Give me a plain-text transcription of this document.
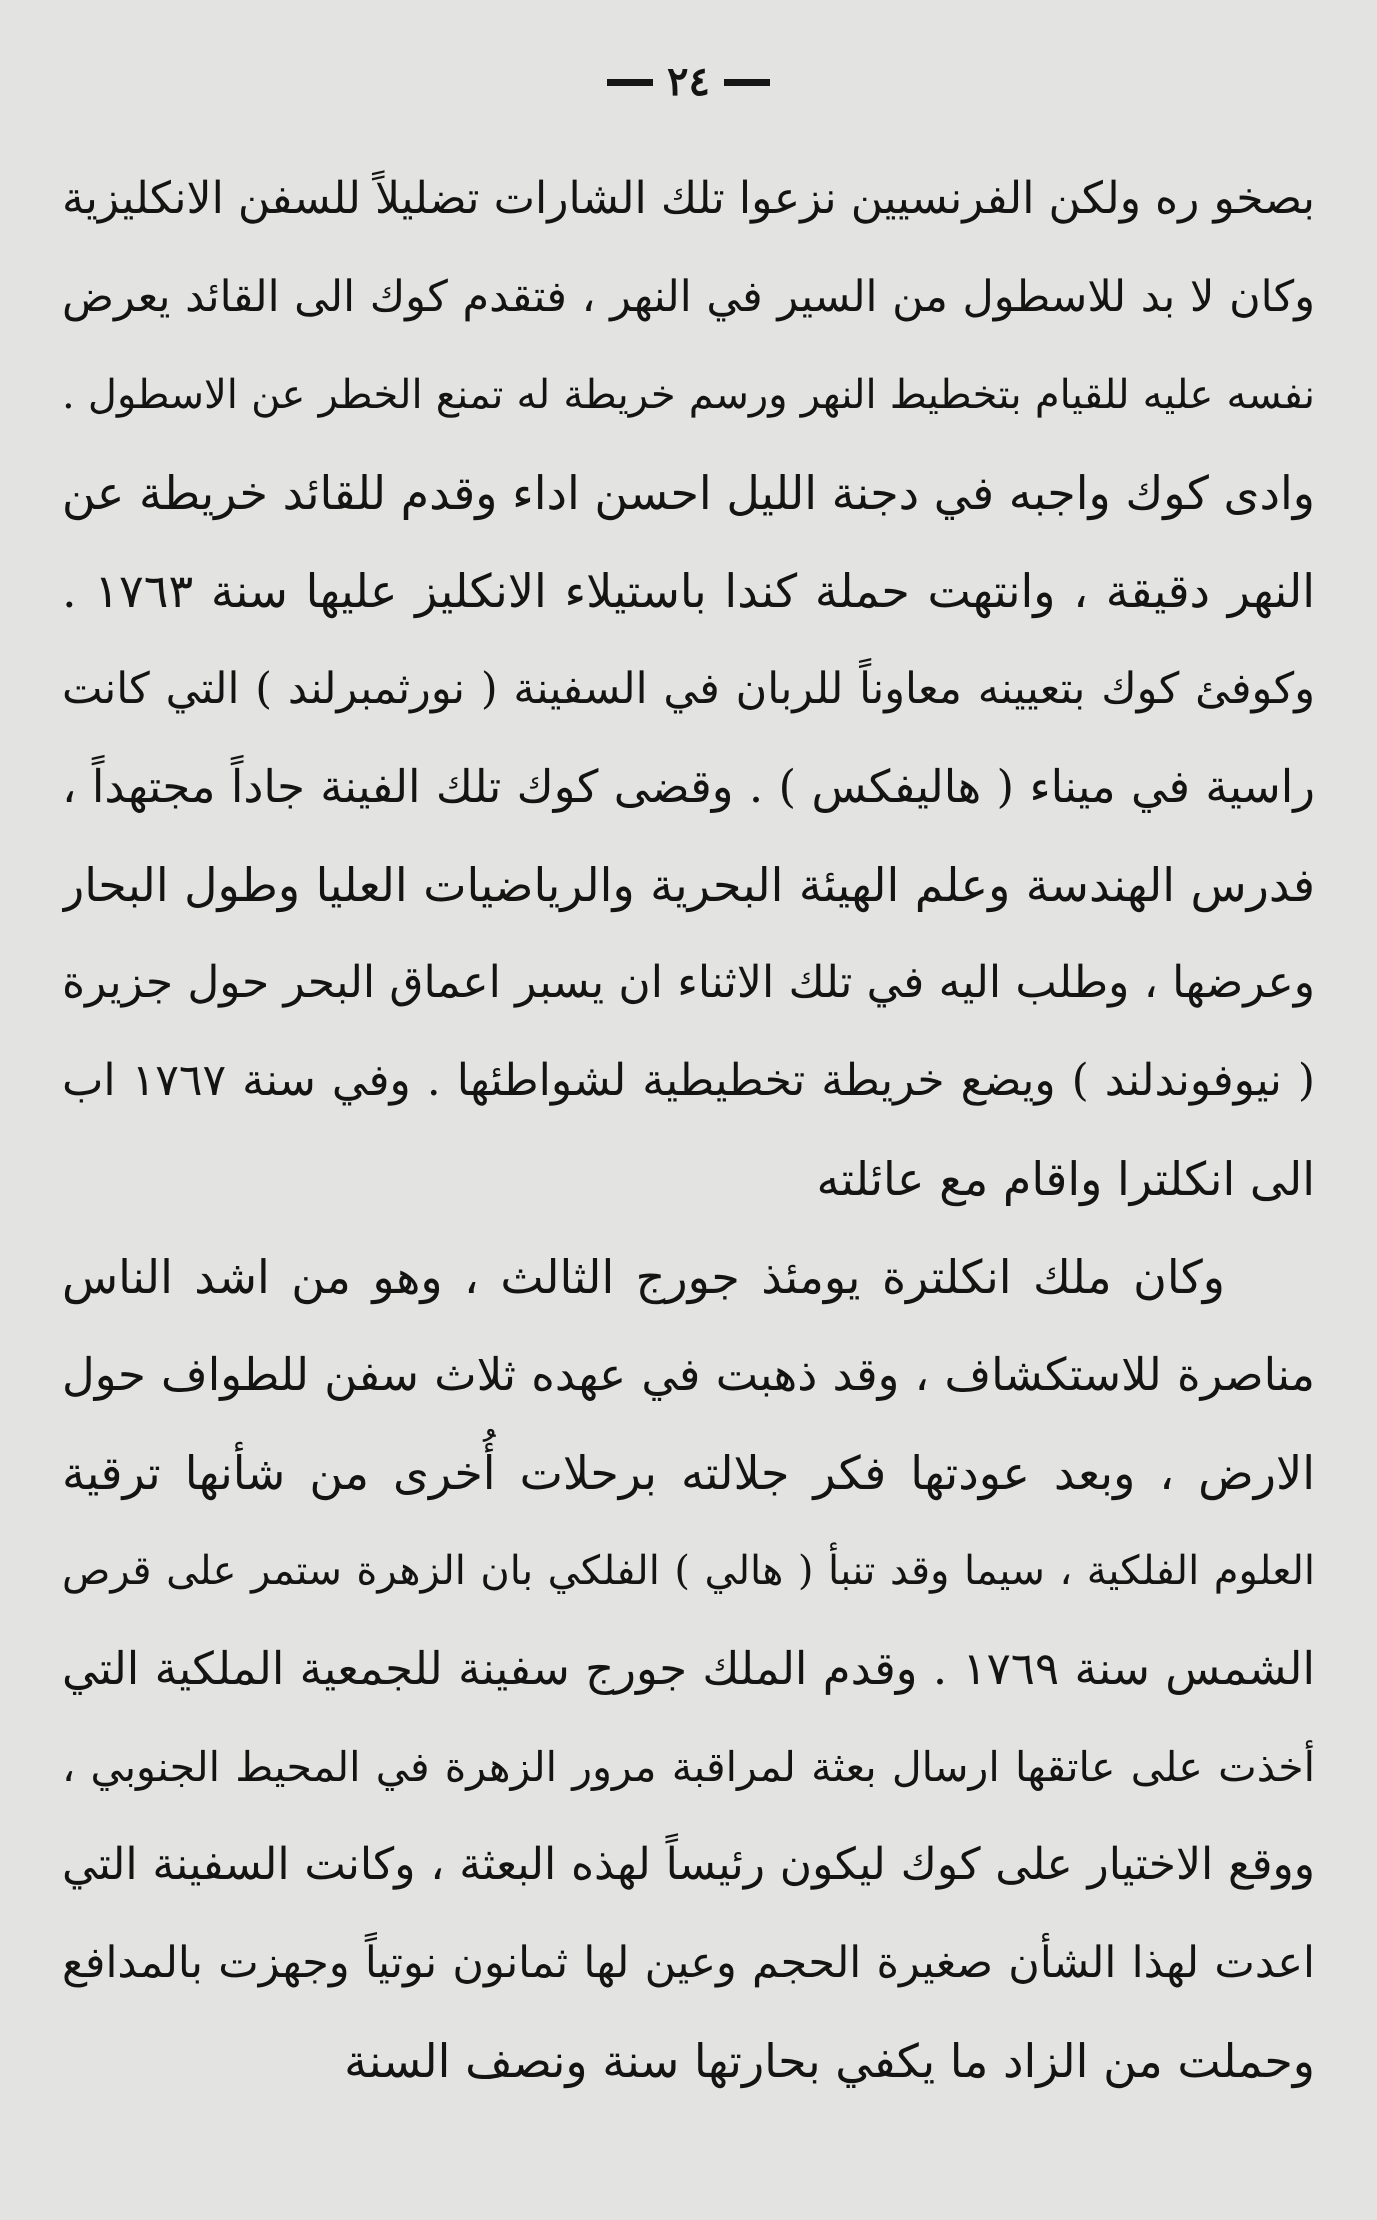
٢٤
بصخو ره ولكن الفرنسيين نزعوا تلك الشارات تضليلاً للسفن الانكليزية
وكان لا بد للاسطول من السير في النهر ، فتقدم كوك الى القائد يعرض
نفسه عليه للقيام بتخطيط النهر ورسم خريطة له تمنع الخطر عن الاسطول .
وادى كوك واجبه في دجنة الليل احسن اداء وقدم للقائد خريطة عن
النهر دقيقة ، وانتهت حملة كندا باستيلاء الانكليز عليها سنة ١٧٦٣ .
وكوفئ كوك بتعيينه معاوناً للربان في السفينة ( نورثمبرلند ) التي كانت
راسية في ميناء ( هاليفكس ) . وقضى كوك تلك الفينة جاداً مجتهداً ،
فدرس الهندسة وعلم الهيئة البحرية والرياضيات العليا وطول البحار
وعرضها ، وطلب اليه في تلك الاثناء ان يسبر اعماق البحر حول جزيرة
( نيوفوندلند ) ويضع خريطة تخطيطية لشواطئها . وفي سنة ١٧٦٧ اب
الى انكلترا واقام مع عائلته
وكان ملك انكلترة يومئذ جورج الثالث ، وهو من اشد الناس
مناصرة للاستكشاف ، وقد ذهبت في عهده ثلاث سفن للطواف حول
الارض ، وبعد عودتها فكر جلالته برحلات أُخرى من شأنها ترقية
العلوم الفلكية ، سيما وقد تنبأ ( هالي ) الفلكي بان الزهرة ستمر على قرص
الشمس سنة ١٧٦٩ . وقدم الملك جورج سفينة للجمعية الملكية التي
أخذت على عاتقها ارسال بعثة لمراقبة مرور الزهرة في المحيط الجنوبي ،
ووقع الاختيار على كوك ليكون رئيساً لهذه البعثة ، وكانت السفينة التي
اعدت لهذا الشأن صغيرة الحجم وعين لها ثمانون نوتياً وجهزت بالمدافع
وحملت من الزاد ما يكفي بحارتها سنة ونصف السنة
